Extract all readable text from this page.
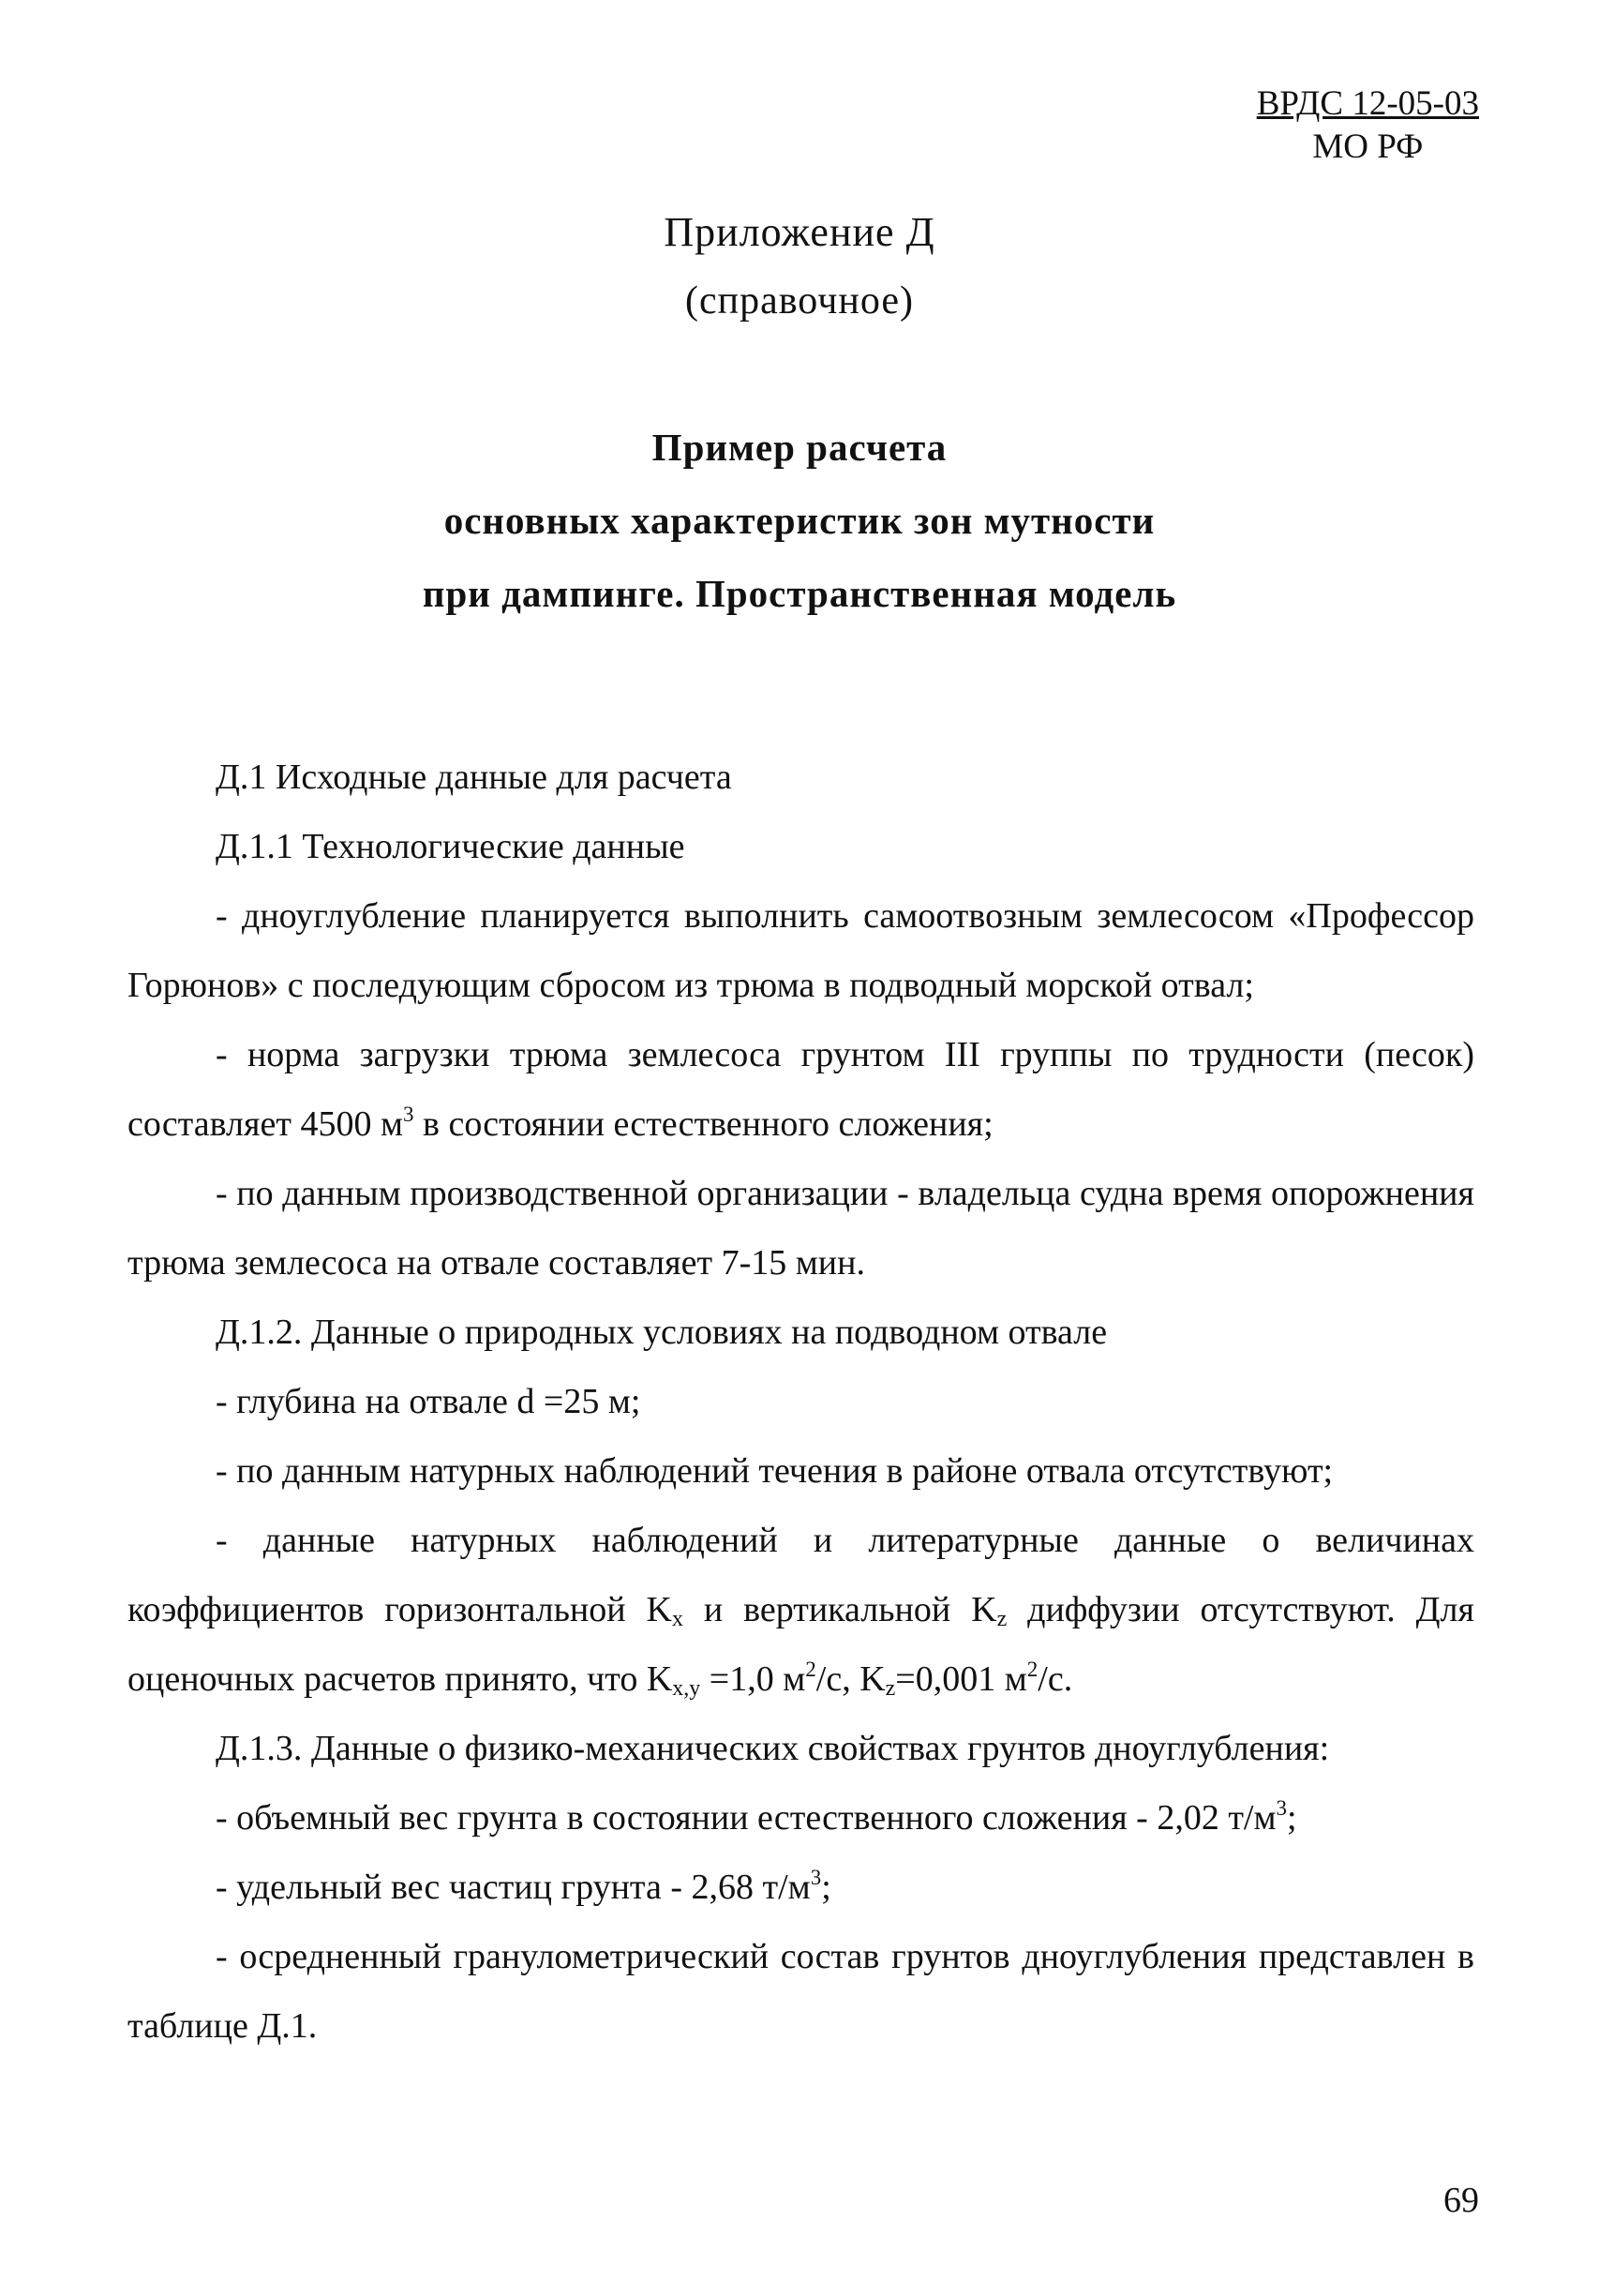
ВРДС 12-05-03
МО РФ
Приложение Д
(справочное)
Пример расчета
основных характеристик зон мутности
при дампинге. Пространственная модель

Д.1 Исходные данные для расчета

Д.1.1 Технологические данные

- дноуглубление планируется выполнить самоотвозным землесосом «Профессор Горюнов» с последующим сбросом из трюма в подводный морской отвал;

- норма загрузки трюма землесоса грунтом III группы по трудности (песок) составляет 4500 $м^3$ в состоянии естественного сложения;

- по данным производственной организации - владельца судна время опорожнения трюма землесоса на отвале составляет 7-15 мин.

Д.1.2. Данные о природных условиях на подводном отвале

- глубина на отвале d =25 м;

- по данным натурных наблюдений течения в районе отвала отсутствуют;

- данные натурных наблюдений и литературные данные о величинах коэффициентов горизонтальной $K_x$ и вертикальной $K_z$ диффузии отсутствуют. Для оценочных расчетов принято, что $K_{x,y} =1,0$ $м^2/с$, $K_z=0,001$ $м^2/с$.

Д.1.3. Данные о физико-механических свойствах грунтов дноуглубления:

- объемный вес грунта в состоянии естественного сложения - 2,02 $т/м^3$;

- удельный вес частиц грунта - 2,68 $т/м^3$;

- осредненный гранулометрический состав грунтов дноуглубления представлен в таблице Д.1.

69
